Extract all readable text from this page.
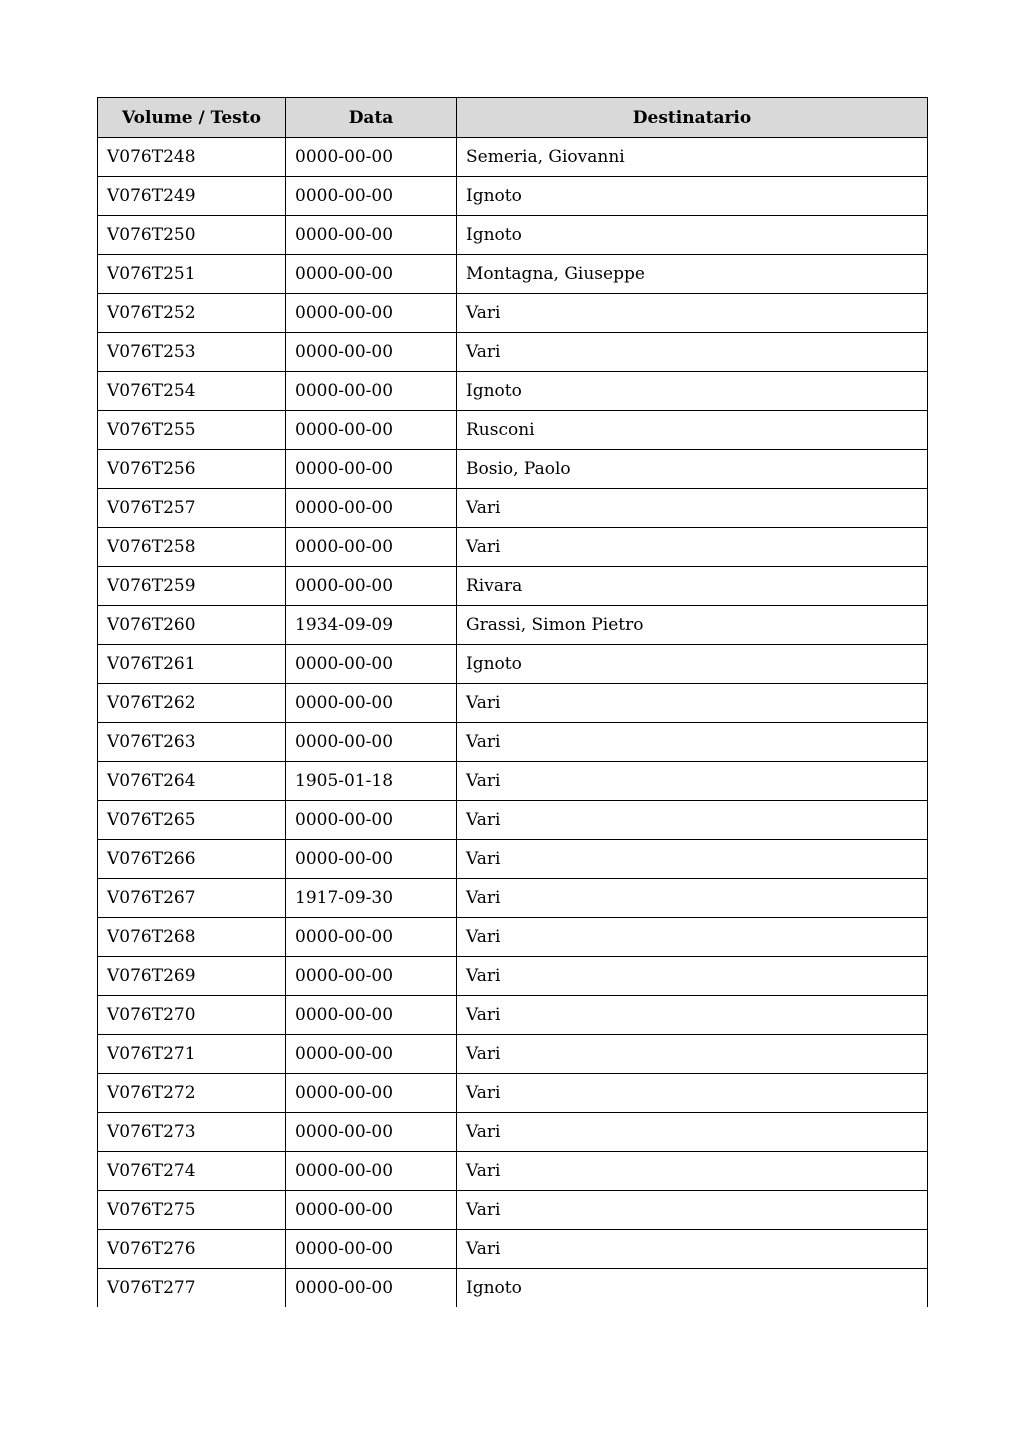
Volume / Testo	Data	Destinatario
V076T248	0000-00-00	Semeria, Giovanni
V076T249	0000-00-00	Ignoto
V076T250	0000-00-00	Ignoto
V076T251	0000-00-00	Montagna, Giuseppe
V076T252	0000-00-00	Vari
V076T253	0000-00-00	Vari
V076T254	0000-00-00	Ignoto
V076T255	0000-00-00	Rusconi
V076T256	0000-00-00	Bosio, Paolo
V076T257	0000-00-00	Vari
V076T258	0000-00-00	Vari
V076T259	0000-00-00	Rivara
V076T260	1934-09-09	Grassi, Simon Pietro
V076T261	0000-00-00	Ignoto
V076T262	0000-00-00	Vari
V076T263	0000-00-00	Vari
V076T264	1905-01-18	Vari
V076T265	0000-00-00	Vari
V076T266	0000-00-00	Vari
V076T267	1917-09-30	Vari
V076T268	0000-00-00	Vari
V076T269	0000-00-00	Vari
V076T270	0000-00-00	Vari
V076T271	0000-00-00	Vari
V076T272	0000-00-00	Vari
V076T273	0000-00-00	Vari
V076T274	0000-00-00	Vari
V076T275	0000-00-00	Vari
V076T276	0000-00-00	Vari
V076T277	0000-00-00	Ignoto
